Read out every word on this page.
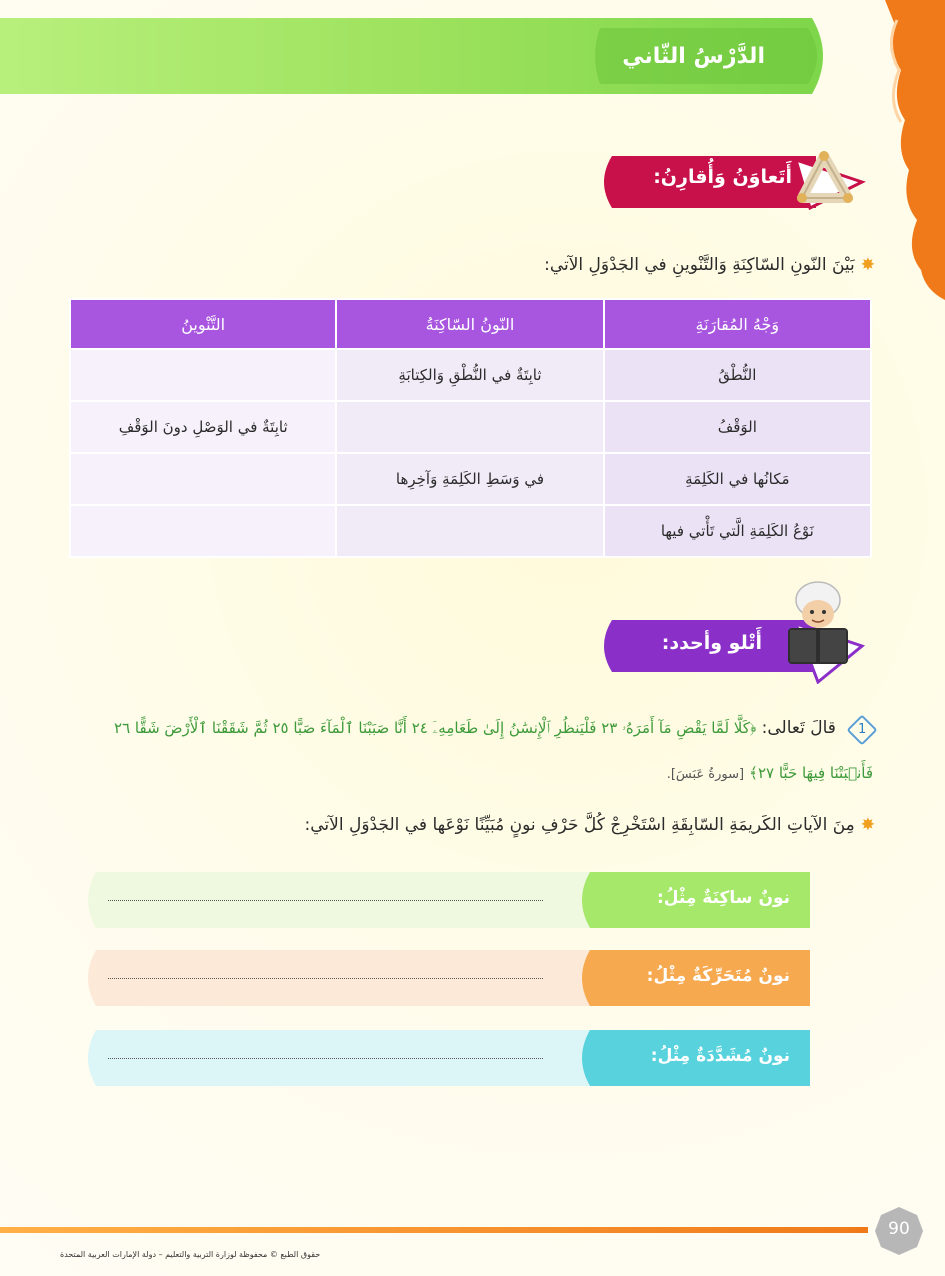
الدَّرْسُ الثّاني
أَتَعاوَنُ وَأُقارِنُ:
✸بَيْنَ النّونِ السّاكِنَةِ وَالتَّنْوينِ في الجَدْوَلِ الآتي:
وَجْهُ المُقارَنَةِ	النّونُ السّاكِنَةُ	التَّنْوينُ
النُّطْقُ	ثابِتَةٌ في النُّطْقِ وَالكِتابَةِ	
الوَقْفُ		ثابِتَةٌ في الوَصْلِ دونَ الوَقْفِ
مَكانُها في الكَلِمَةِ	في وَسَطِ الكَلِمَةِ وَآخِرِها	
نَوْعُ الكَلِمَةِ الَّتي تَأْتي فيها		
أَتْلو وأحدد:
1 قالَ تَعالى: ﴿كَلَّا لَمَّا يَقْضِ مَآ أَمَرَهُۥ ٢٣ فَلْيَنظُرِ ٱلْإِنسَٰنُ إِلَىٰ طَعَامِهِۦٓ ٢٤ أَنَّا صَبَبْنَا ٱلْمَآءَ صَبًّا ٢٥ ثُمَّ شَقَقْنَا ٱلْأَرْضَ شَقًّا ٢٦
فَأَنۢبَتْنَا فِيهَا حَبًّا ٢٧﴾ [سورةُ عَبَسَ].
✸مِنَ الآياتِ الكَريمَةِ السّابِقَةِ اسْتَخْرِجْ كُلَّ حَرْفِ نونٍ مُبَيِّنًا نَوْعَها في الجَدْوَلِ الآتي:
نونٌ ساكِنَةٌ مِثْلُ:
نونٌ مُتَحَرِّكَةٌ مِثْلُ:
نونٌ مُشَدَّدَةٌ مِثْلُ:
90
حقوق الطبع © محفوظة لوزارة التربية والتعليم – دولة الإمارات العربية المتحدة
